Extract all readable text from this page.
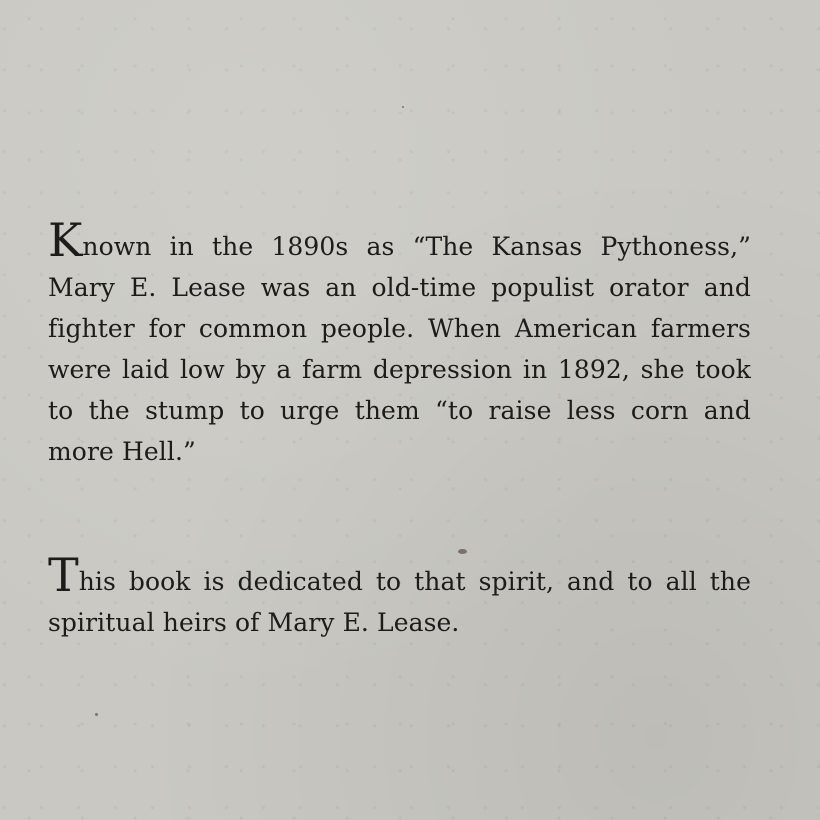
Known in the 1890s as “The Kansas Pythoness,” Mary E. Lease was an old-time populist orator and fighter for common people. When American farmers were laid low by a farm depression in 1892, she took to the stump to urge them “to raise less corn and more Hell.”

This book is dedicated to that spirit, and to all the spiritual heirs of Mary E. Lease.
